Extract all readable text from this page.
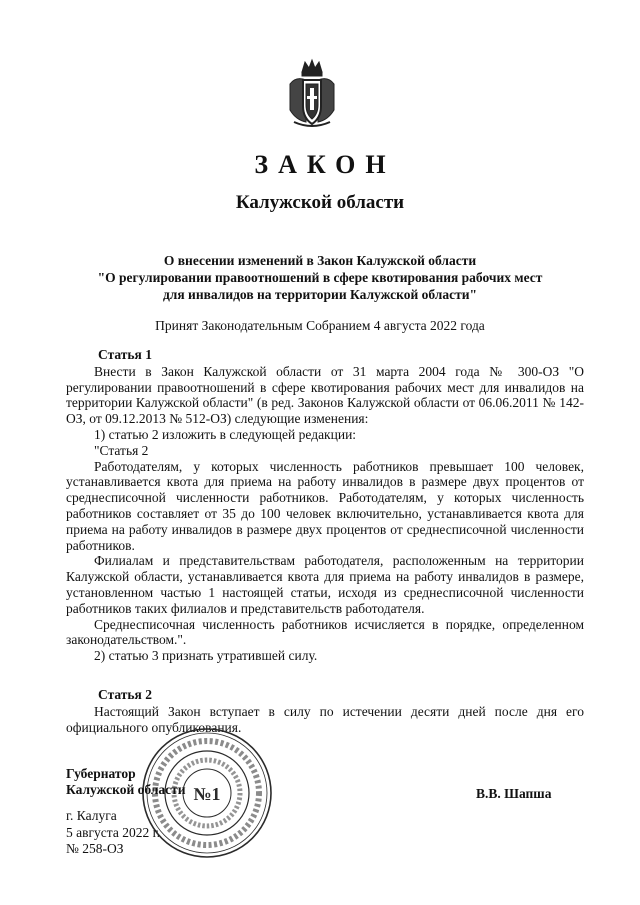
ЗАКОН
Калужской области
О внесении изменений в Закон Калужской области
"О регулировании правоотношений в сфере квотирования рабочих мест
для инвалидов на территории Калужской области"
Принят Законодательным Собранием 4 августа 2022 года
Статья 1

Внести в Закон Калужской области от 31 марта 2004 года № 300-ОЗ "О регулировании правоотношений в сфере квотирования рабочих мест для инвалидов на территории Калужской области" (в ред. Законов Калужской области от 06.06.2011 № 142-ОЗ, от 09.12.2013 № 512-ОЗ) следующие изменения:

1) статью 2 изложить в следующей редакции:

"Статья 2

Работодателям, у которых численность работников превышает 100 человек, устанавливается квота для приема на работу инвалидов в размере двух процентов от среднесписочной численности работников. Работодателям, у которых численность работников составляет от 35 до 100 человек включительно, устанавливается квота для приема на работу инвалидов в размере двух процентов от среднесписочной численности работников.

Филиалам и представительствам работодателя, расположенным на территории Калужской области, устанавливается квота для приема на работу инвалидов в размере, установленном частью 1 настоящей статьи, исходя из среднесписочной численности работников таких филиалов и представительств работодателя.

Среднесписочная численность работников исчисляется в порядке, определенном законодательством.".

2) статью 3 признать утратившей силу.

Статья 2

Настоящий Закон вступает в силу по истечении десяти дней после дня его официального опубликования.

№1
Губернатор
Калужской области	В.В. Шапша
г. Калуга
5 августа 2022 г.
№ 258-ОЗ
